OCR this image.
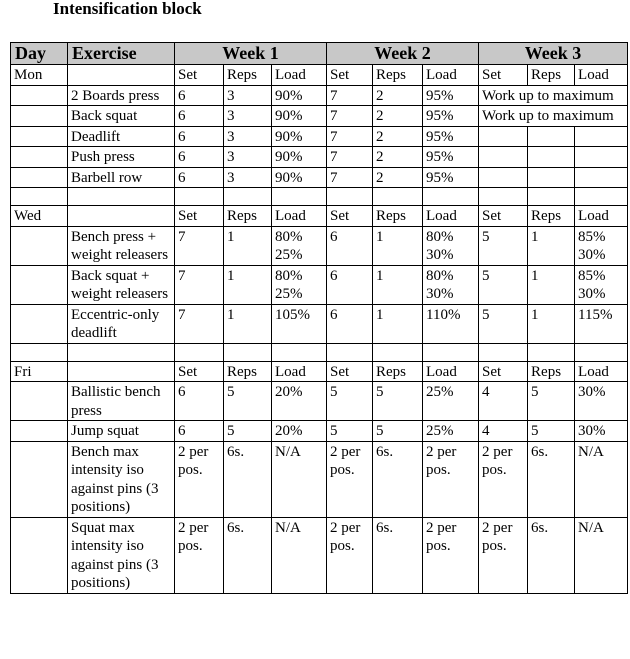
Intensification block
Day	Exercise	Week 1			Week 2			Week 3		
Mon		Set	Reps	Load	Set	Reps	Load	Set	Reps	Load
	2 Boards press	6	3	90%	7	2	95%	Work up to maximum		
	Back squat	6	3	90%	7	2	95%	Work up to maximum		
	Deadlift	6	3	90%	7	2	95%			
	Push press	6	3	90%	7	2	95%			
	Barbell row	6	3	90%	7	2	95%			

Wed		Set	Reps	Load	Set	Reps	Load	Set	Reps	Load
	Bench press + weight releasers	7	1	80% 25%	6	1	80% 30%	5	1	85% 30%
	Back squat + weight releasers	7	1	80% 25%	6	1	80% 30%	5	1	85% 30%
	Eccentric-only deadlift	7	1	105%	6	1	110%	5	1	115%

Fri		Set	Reps	Load	Set	Reps	Load	Set	Reps	Load
	Ballistic bench press	6	5	20%	5	5	25%	4	5	30%
	Jump squat	6	5	20%	5	5	25%	4	5	30%
	Bench max intensity iso against pins (3 positions)	2 per pos.	6s.	N/A	2 per pos.	6s.	2 per pos.	2 per pos.	6s.	N/A
	Squat max intensity iso against pins (3 positions)	2 per pos.	6s.	N/A	2 per pos.	6s.	2 per pos.	2 per pos.	6s.	N/A
